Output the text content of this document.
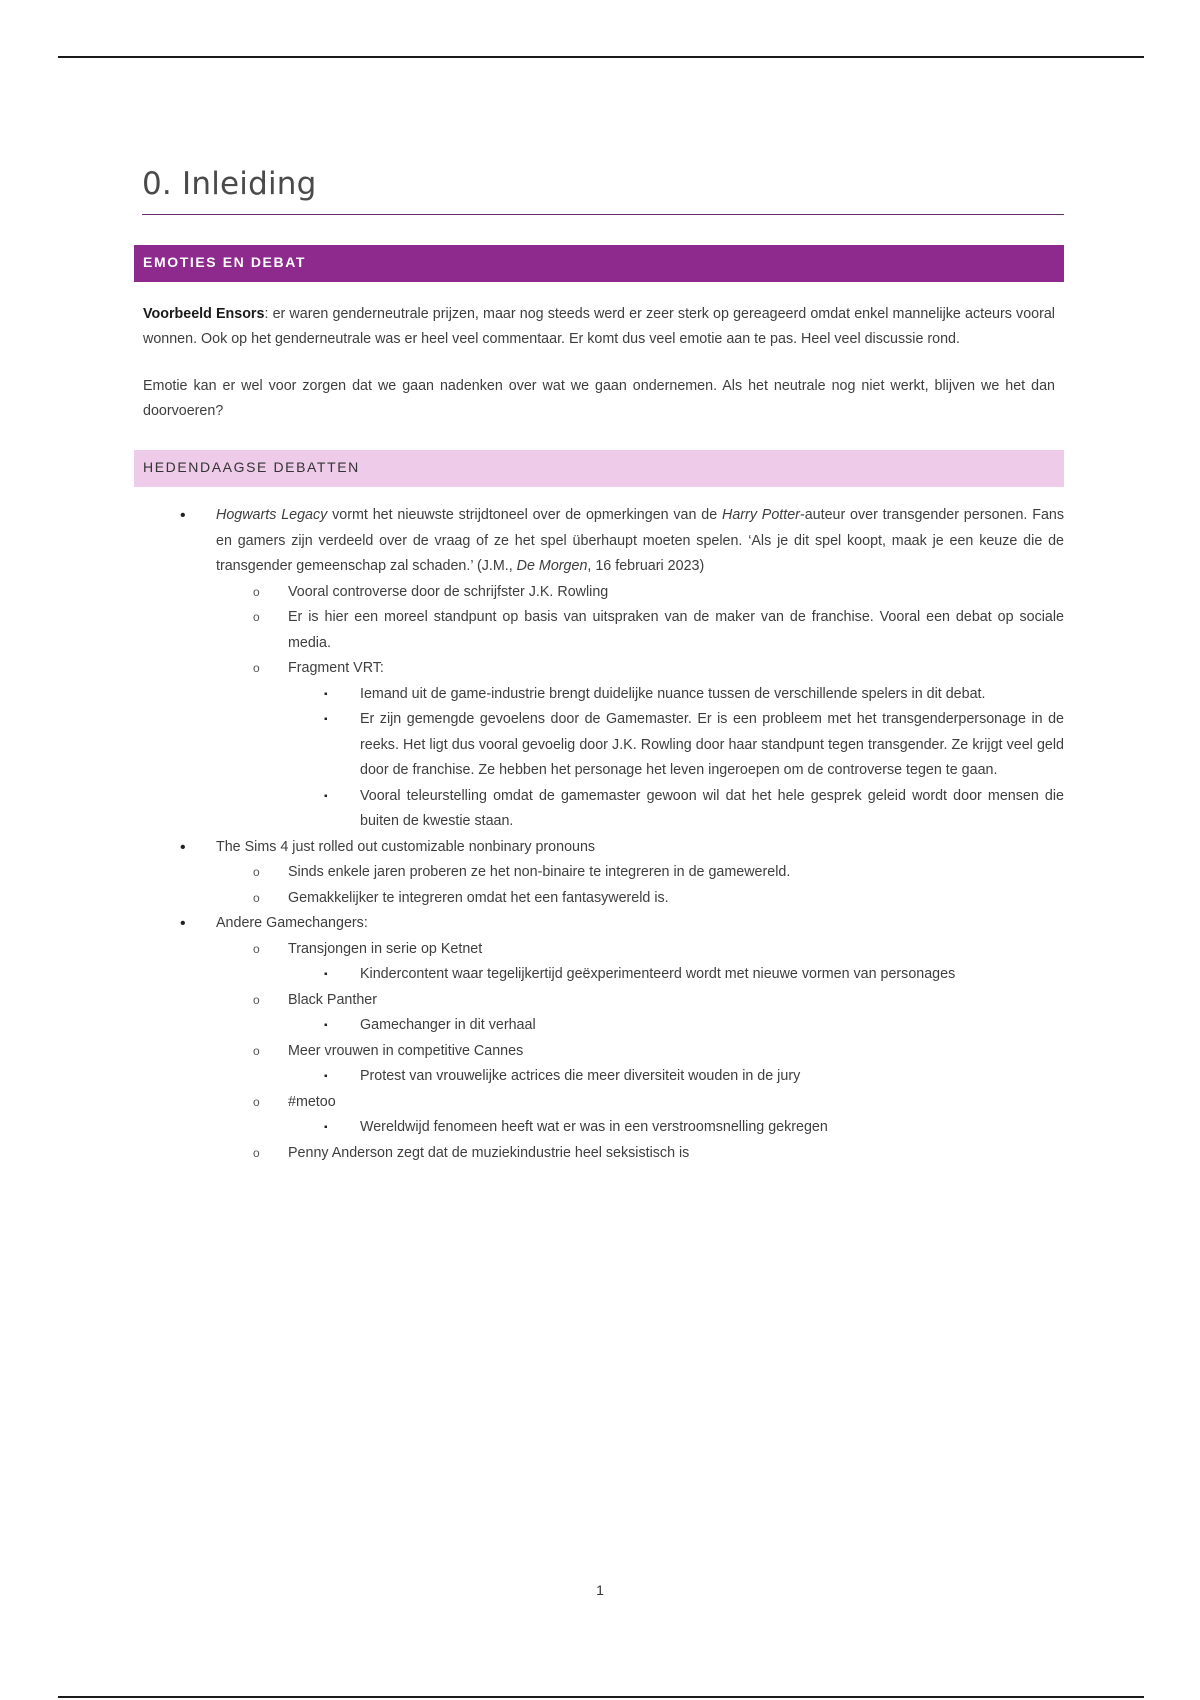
0. Inleiding
EMOTIES EN DEBAT

Voorbeeld Ensors: er waren genderneutrale prijzen, maar nog steeds werd er zeer sterk op gereageerd omdat enkel mannelijke acteurs vooral wonnen. Ook op het genderneutrale was er heel veel commentaar. Er komt dus veel emotie aan te pas. Heel veel discussie rond.

Emotie kan er wel voor zorgen dat we gaan nadenken over wat we gaan ondernemen. Als het neutrale nog niet werkt, blijven we het dan doorvoeren?

HEDENDAAGSE DEBATTEN
• Hogwarts Legacy vormt het nieuwste strijdtoneel over de opmerkingen van de Harry Potter-auteur over transgender personen. Fans en gamers zijn verdeeld over de vraag of ze het spel überhaupt moeten spelen. ‘Als je dit spel koopt, maak je een keuze die de transgender gemeenschap zal schaden.’ (J.M., De Morgen, 16 februari 2023)
o Vooral controverse door de schrijfster J.K. Rowling
o Er is hier een moreel standpunt op basis van uitspraken van de maker van de franchise. Vooral een debat op sociale media.
o Fragment VRT:
▪ Iemand uit de game-industrie brengt duidelijke nuance tussen de verschillende spelers in dit debat.
▪ Er zijn gemengde gevoelens door de Gamemaster. Er is een probleem met het transgenderpersonage in de reeks. Het ligt dus vooral gevoelig door J.K. Rowling door haar standpunt tegen transgender. Ze krijgt veel geld door de franchise. Ze hebben het personage het leven ingeroepen om de controverse tegen te gaan.
▪ Vooral teleurstelling omdat de gamemaster gewoon wil dat het hele gesprek geleid wordt door mensen die buiten de kwestie staan.
• The Sims 4 just rolled out customizable nonbinary pronouns
o Sinds enkele jaren proberen ze het non-binaire te integreren in de gamewereld.
o Gemakkelijker te integreren omdat het een fantasywereld is.
• Andere Gamechangers:
o Transjongen in serie op Ketnet
▪ Kindercontent waar tegelijkertijd geëxperimenteerd wordt met nieuwe vormen van personages
o Black Panther
▪ Gamechanger in dit verhaal
o Meer vrouwen in competitive Cannes
▪ Protest van vrouwelijke actrices die meer diversiteit wouden in de jury
o #metoo
▪ Wereldwijd fenomeen heeft wat er was in een verstroomsnelling gekregen
o Penny Anderson zegt dat de muziekindustrie heel seksistisch is
1
